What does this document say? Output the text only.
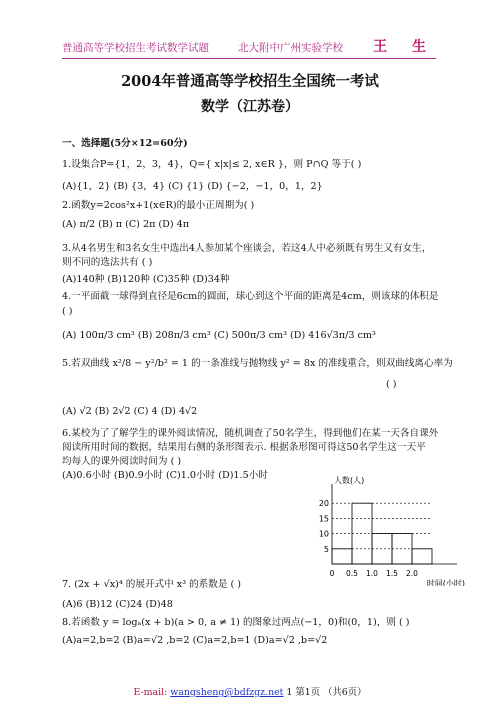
普通高等学校招生考试数学试题	北大附中广州实验学校 王 生
2004年普通高等学校招生全国统一考试
数学（江苏卷）
一、选择题(5分×12=60分)
1.设集合P={1，2，3，4}，Q={ x|x|≤ 2, x∈R }，则 P∩Q 等于( )
(A){1，2} (B) {3，4} (C) {1} (D) {−2，−1，0，1，2}
2.函数y=2cos²x+1(x∈R)的最小正周期为( )
(A) π/2 (B) π (C) 2π (D) 4π
3.从4名男生和3名女生中选出4人参加某个座谈会，若这4人中必须既有男生又有女生，
则不同的选法共有 ( )
(A)140种 (B)120种 (C)35种 (D)34种
4.一平面截一球得到直径是6cm的圆面，球心到这个平面的距离是4cm，则该球的体积是
( )
(A) 100π/3 cm³ (B) 208π/3 cm³ (C) 500π/3 cm³ (D) 416√3π/3 cm³
5.若双曲线 x²/8 − y²/b² = 1 的一条准线与抛物线 y² = 8x 的准线重合，则双曲线离心率为
( )
(A) √2 (B) 2√2 (C) 4 (D) 4√2
6.某校为了了解学生的课外阅读情况，随机调查了50名学生，得到他们在某一天各自课外
阅读所用时间的数据，结果用右侧的条形图表示. 根据条形图可得这50名学生这一天平
均每人的课外阅读时间为 ( )
(A)0.6小时 (B)0.9小时 (C)1.0小时 (D)1.5小时
7. (2x + √x)⁴ 的展开式中 x³ 的系数是 ( )
(A)6 (B)12 (C)24 (D)48
8.若函数 y = logₐ(x + b)(a > 0, a ≠ 1) 的图象过两点(−1，0)和(0，1)，则 ( )
(A)a=2,b=2 (B)a=√2 ,b=2 (C)a=2,b=1 (D)a=√2 ,b=√2
5
10
15
20
0 0.5 1.0 1.5 2.0
人数(人)
时间(小时)
E-mail: wangsheng@bdfzgz.net 1 第1页 （共6页）
